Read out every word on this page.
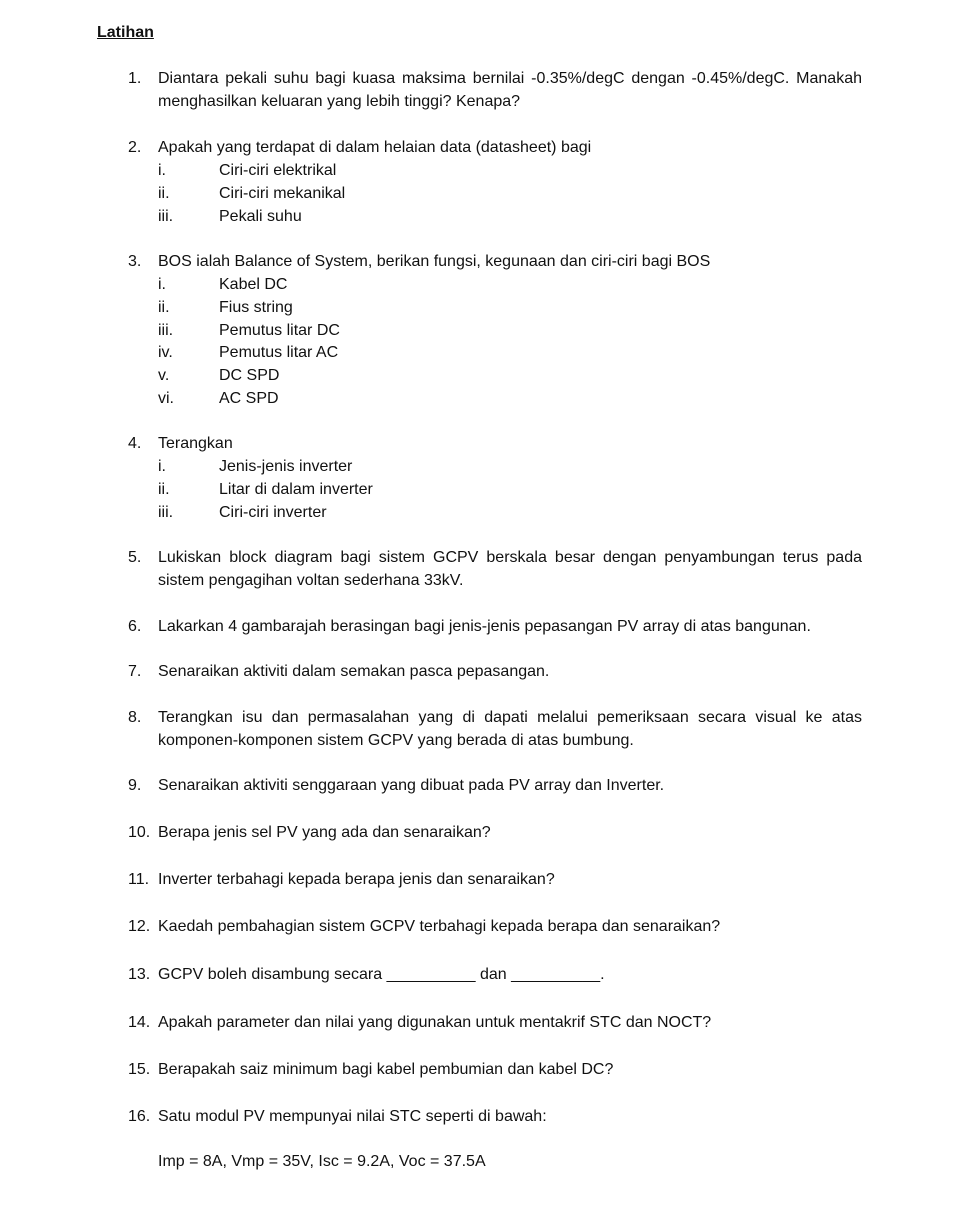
Latihan
1. Diantara pekali suhu bagi kuasa maksima bernilai -0.35%/degC dengan -0.45%/degC. Manakah menghasilkan keluaran yang lebih tinggi? Kenapa?
2. Apakah yang terdapat di dalam helaian data (datasheet) bagi
i.	Ciri-ciri elektrikal
ii.	Ciri-ciri mekanikal
iii.	Pekali suhu
3. BOS ialah Balance of System, berikan fungsi, kegunaan dan ciri-ciri bagi BOS
i.	Kabel DC
ii.	Fius string
iii.	Pemutus litar DC
iv.	Pemutus litar AC
v.	DC SPD
vi.	AC SPD
4. Terangkan
i.	Jenis-jenis inverter
ii.	Litar di dalam inverter
iii.	Ciri-ciri inverter
5. Lukiskan block diagram bagi sistem GCPV berskala besar dengan penyambungan terus pada sistem pengagihan voltan sederhana 33kV.
6. Lakarkan 4 gambarajah berasingan bagi jenis-jenis pepasangan PV array di atas bangunan.
7. Senaraikan aktiviti dalam semakan pasca pepasangan.
8. Terangkan isu dan permasalahan yang di dapati melalui pemeriksaan secara visual ke atas komponen-komponen sistem GCPV yang berada di atas bumbung.
9. Senaraikan aktiviti senggaraan yang dibuat pada PV array dan Inverter.
10. Berapa jenis sel PV yang ada dan senaraikan?
11. Inverter terbahagi kepada berapa jenis dan senaraikan?
12. Kaedah pembahagian sistem GCPV terbahagi kepada berapa dan senaraikan?
13. GCPV boleh disambung secara __________ dan __________.
14. Apakah parameter dan nilai yang digunakan untuk mentakrif STC dan NOCT?
15. Berapakah saiz minimum bagi kabel pembumian dan kabel DC?
16. Satu modul PV mempunyai nilai STC seperti di bawah:
Imp = 8A, Vmp = 35V, Isc = 9.2A, Voc = 37.5A
